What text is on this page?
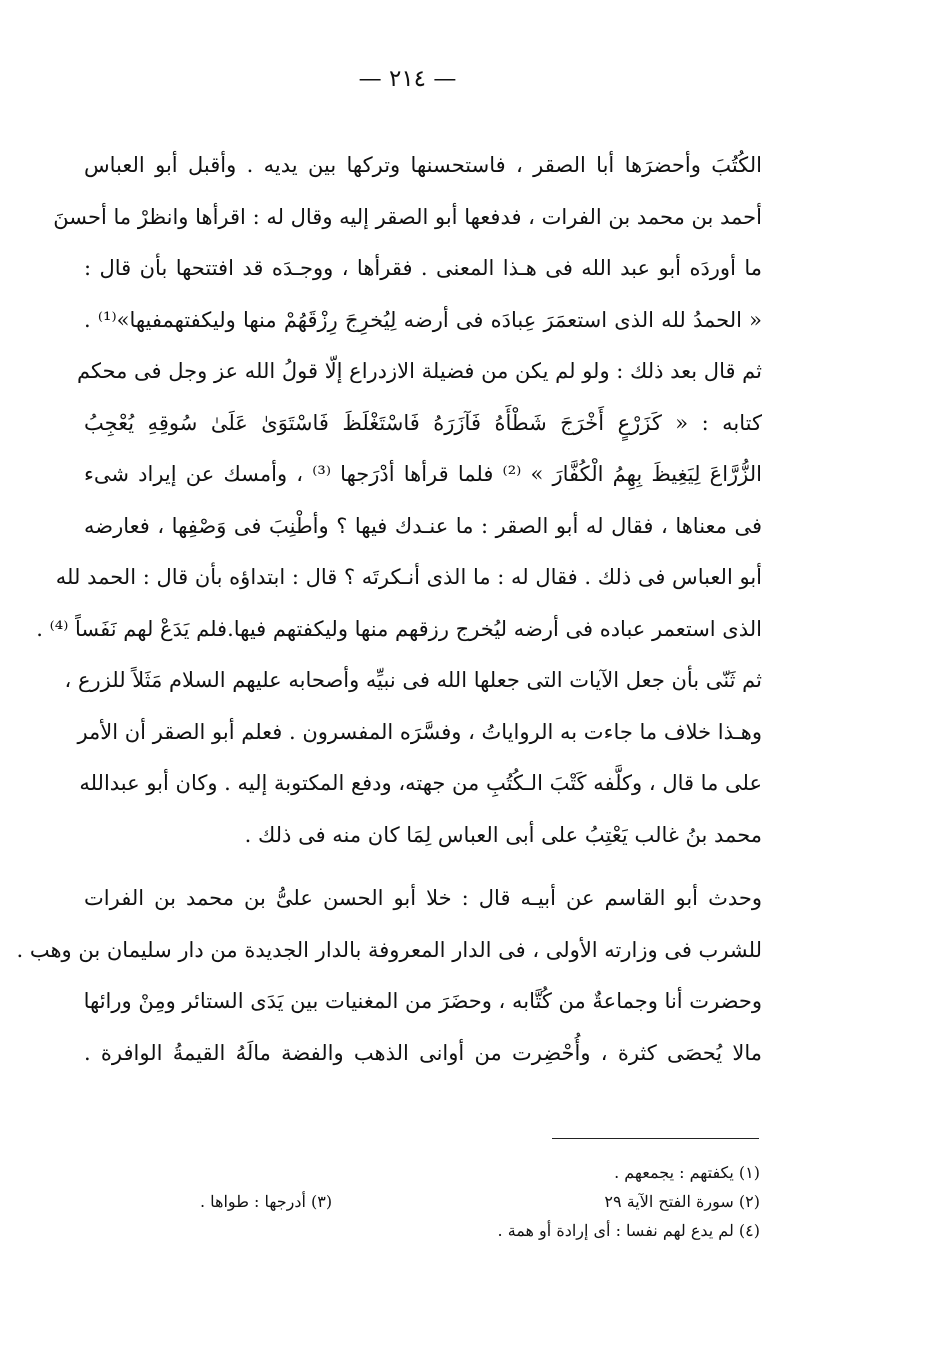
— ٢١٤ —
الكُتُبَ وأحضرَها أبا الصقر ، فاستحسنها وتركها بين يديه . وأقبل أبو العباس
أحمد بن محمد بن الفرات ، فدفعها أبو الصقر إليه وقال له : اقرأها وانظرْ ما أحسنَ
ما أوردَه أبو عبد الله فى هـذا المعنى . فقرأها ، ووجـدَه قد افتتحها بأن قال :
« الحمدُ لله الذى استعمَرَ عِبادَه فى أرضه لِيُخرِجَ رِزْقَهُمْ منها وليكفتهمفيها»⁽¹⁾ .
ثم قال بعد ذلك : ولو لم يكن من فضيلة الازدراع إلّا قولُ الله عز وجل فى محكم
كتابه : « كَزَرْعٍ أَخْرَجَ شَطْأَهُ فَآزَرَهُ فَاسْتَغْلَظَ فَاسْتَوَىٰ عَلَىٰ سُوقِهِ يُعْجِبُ
الزُّرَّاعَ لِيَغِيظَ بِهِمُ الْكُفَّارَ » ⁽²⁾ فلما قرأها أدْرَجها ⁽³⁾ ، وأمسك عن إيراد شىء
فى معناها ، فقال له أبو الصقر : ما عنـدك فيها ؟ وأطْنِبَ فى وَصْفِها ، فعارضه
أبو العباس فى ذلك . فقال له : ما الذى أنـكرتَه ؟ قال : ابتداؤه بأن قال : الحمد لله
الذى استعمر عباده فى أرضه ليُخرج رزقهم منها وليكفتهم فيها.فلم يَدَعْ لهم نَفَساً ⁽⁴⁾ .
ثم ثَنّى بأن جعل الآيات التى جعلها الله فى نبيِّه وأصحابه عليهم السلام مَثَلاً للزرع ،
وهـذا خلاف ما جاءت به الرواياتُ ، وفسَّرَه المفسرون . فعلم أبو الصقر أن الأمر
على ما قال ، وكلَّفه كَتْبَ الـكُتُبِ من جهته، ودفع المكتوبة إليه . وكان أبو عبدالله
محمد بنُ غالب يَعْتِبُ على أبى العباس لِمَا كان منه فى ذلك .
وحدث أبو القاسم عن أبيـه قال : خلا أبو الحسن علىُّ بن محمد بن الفرات
للشرب فى وزارته الأولى ، فى الدار المعروفة بالدار الجديدة من دار سليمان بن وهب .
وحضرت أنا وجماعةٌ من كُتَّابه ، وحضَرَ من المغنيات بين يَدَى الستائر ومِنْ ورائها
مالا يُحصَى كثرة ، وأُحْضِرت من أوانى الذهب والفضة مالَهُ القيمةُ الوافرة .
(١) يكفتهم : يجمعهم .
(٢) سورة الفتح الآية ٢٩
(٣) أدرجها : طواها .
(٤) لم يدع لهم نفسا : أى إرادة أو همة .
